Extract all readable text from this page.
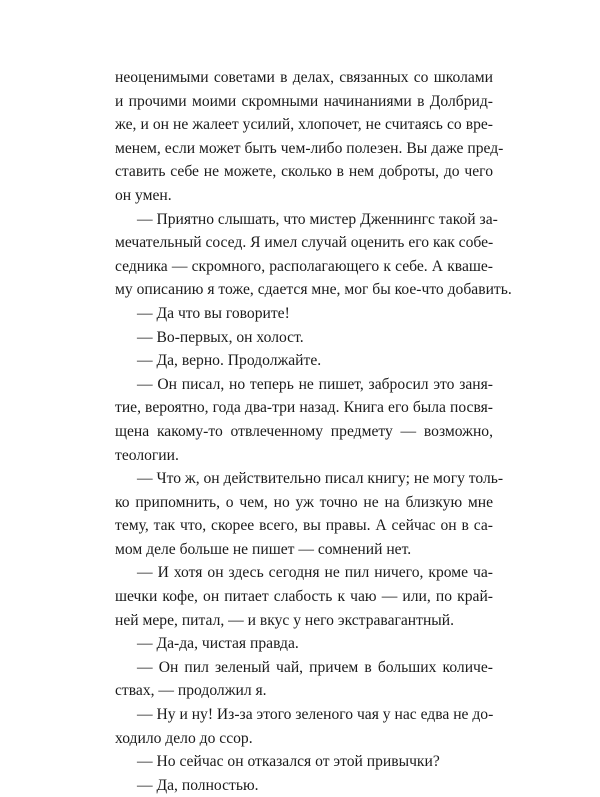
неоценимыми советами в делах, связанных со школами
и прочими моими скромными начинаниями в Долбрид-
же, и он не жалеет усилий, хлопочет, не считаясь со вре-
менем, если может быть чем-либо полезен. Вы даже пред-
ставить себе не можете, сколько в нем доброты, до чего
он умен.
— Приятно слышать, что мистер Дженнингс такой за-
мечательный сосед. Я имел случай оценить его как собе-
седника — скромного, располагающего к себе. А кваше-
му описанию я тоже, сдается мне, мог бы кое-что добавить.
— Да что вы говорите!
— Во-первых, он холост.
— Да, верно. Продолжайте.
— Он писал, но теперь не пишет, забросил это заня-
тие, вероятно, года два-три назад. Книга его была посвя-
щена какому-то отвлеченному предмету — возможно,
теологии.
— Что ж, он действительно писал книгу; не могу толь-
ко припомнить, о чем, но уж точно не на близкую мне
тему, так что, скорее всего, вы правы. А сейчас он в са-
мом деле больше не пишет — сомнений нет.
— И хотя он здесь сегодня не пил ничего, кроме ча-
шечки кофе, он питает слабость к чаю — или, по край-
ней мере, питал, — и вкус у него экстравагантный.
— Да-да, чистая правда.
— Он пил зеленый чай, причем в больших количе-
ствах, — продолжил я.
— Ну и ну! Из-за этого зеленого чая у нас едва не до-
ходило дело до ссор.
— Но сейчас он отказался от этой привычки?
— Да, полностью.
